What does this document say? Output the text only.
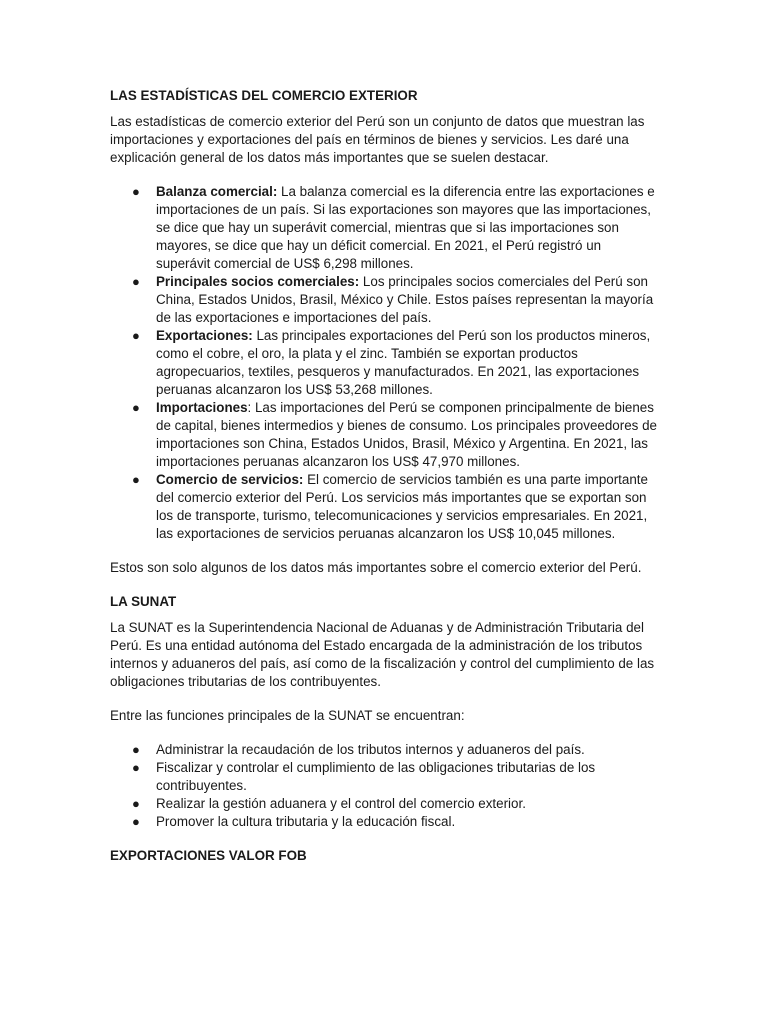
LAS ESTADÍSTICAS DEL COMERCIO EXTERIOR

Las estadísticas de comercio exterior del Perú son un conjunto de datos que muestran las importaciones y exportaciones del país en términos de bienes y servicios. Les daré una explicación general de los datos más importantes que se suelen destacar.

● Balanza comercial: La balanza comercial es la diferencia entre las exportaciones e importaciones de un país. Si las exportaciones son mayores que las importaciones, se dice que hay un superávit comercial, mientras que si las importaciones son mayores, se dice que hay un déficit comercial. En 2021, el Perú registró un superávit comercial de US$ 6,298 millones.
● Principales socios comerciales: Los principales socios comerciales del Perú son China, Estados Unidos, Brasil, México y Chile. Estos países representan la mayoría de las exportaciones e importaciones del país.
● Exportaciones: Las principales exportaciones del Perú son los productos mineros, como el cobre, el oro, la plata y el zinc. También se exportan productos agropecuarios, textiles, pesqueros y manufacturados. En 2021, las exportaciones peruanas alcanzaron los US$ 53,268 millones.
● Importaciones: Las importaciones del Perú se componen principalmente de bienes de capital, bienes intermedios y bienes de consumo. Los principales proveedores de importaciones son China, Estados Unidos, Brasil, México y Argentina. En 2021, las importaciones peruanas alcanzaron los US$ 47,970 millones.
● Comercio de servicios: El comercio de servicios también es una parte importante del comercio exterior del Perú. Los servicios más importantes que se exportan son los de transporte, turismo, telecomunicaciones y servicios empresariales. En 2021, las exportaciones de servicios peruanas alcanzaron los US$ 10,045 millones.

Estos son solo algunos de los datos más importantes sobre el comercio exterior del Perú.

LA SUNAT

La SUNAT es la Superintendencia Nacional de Aduanas y de Administración Tributaria del Perú. Es una entidad autónoma del Estado encargada de la administración de los tributos internos y aduaneros del país, así como de la fiscalización y control del cumplimiento de las obligaciones tributarias de los contribuyentes.

Entre las funciones principales de la SUNAT se encuentran:

● Administrar la recaudación de los tributos internos y aduaneros del país.
● Fiscalizar y controlar el cumplimiento de las obligaciones tributarias de los contribuyentes.
● Realizar la gestión aduanera y el control del comercio exterior.
● Promover la cultura tributaria y la educación fiscal.
EXPORTACIONES VALOR FOB
